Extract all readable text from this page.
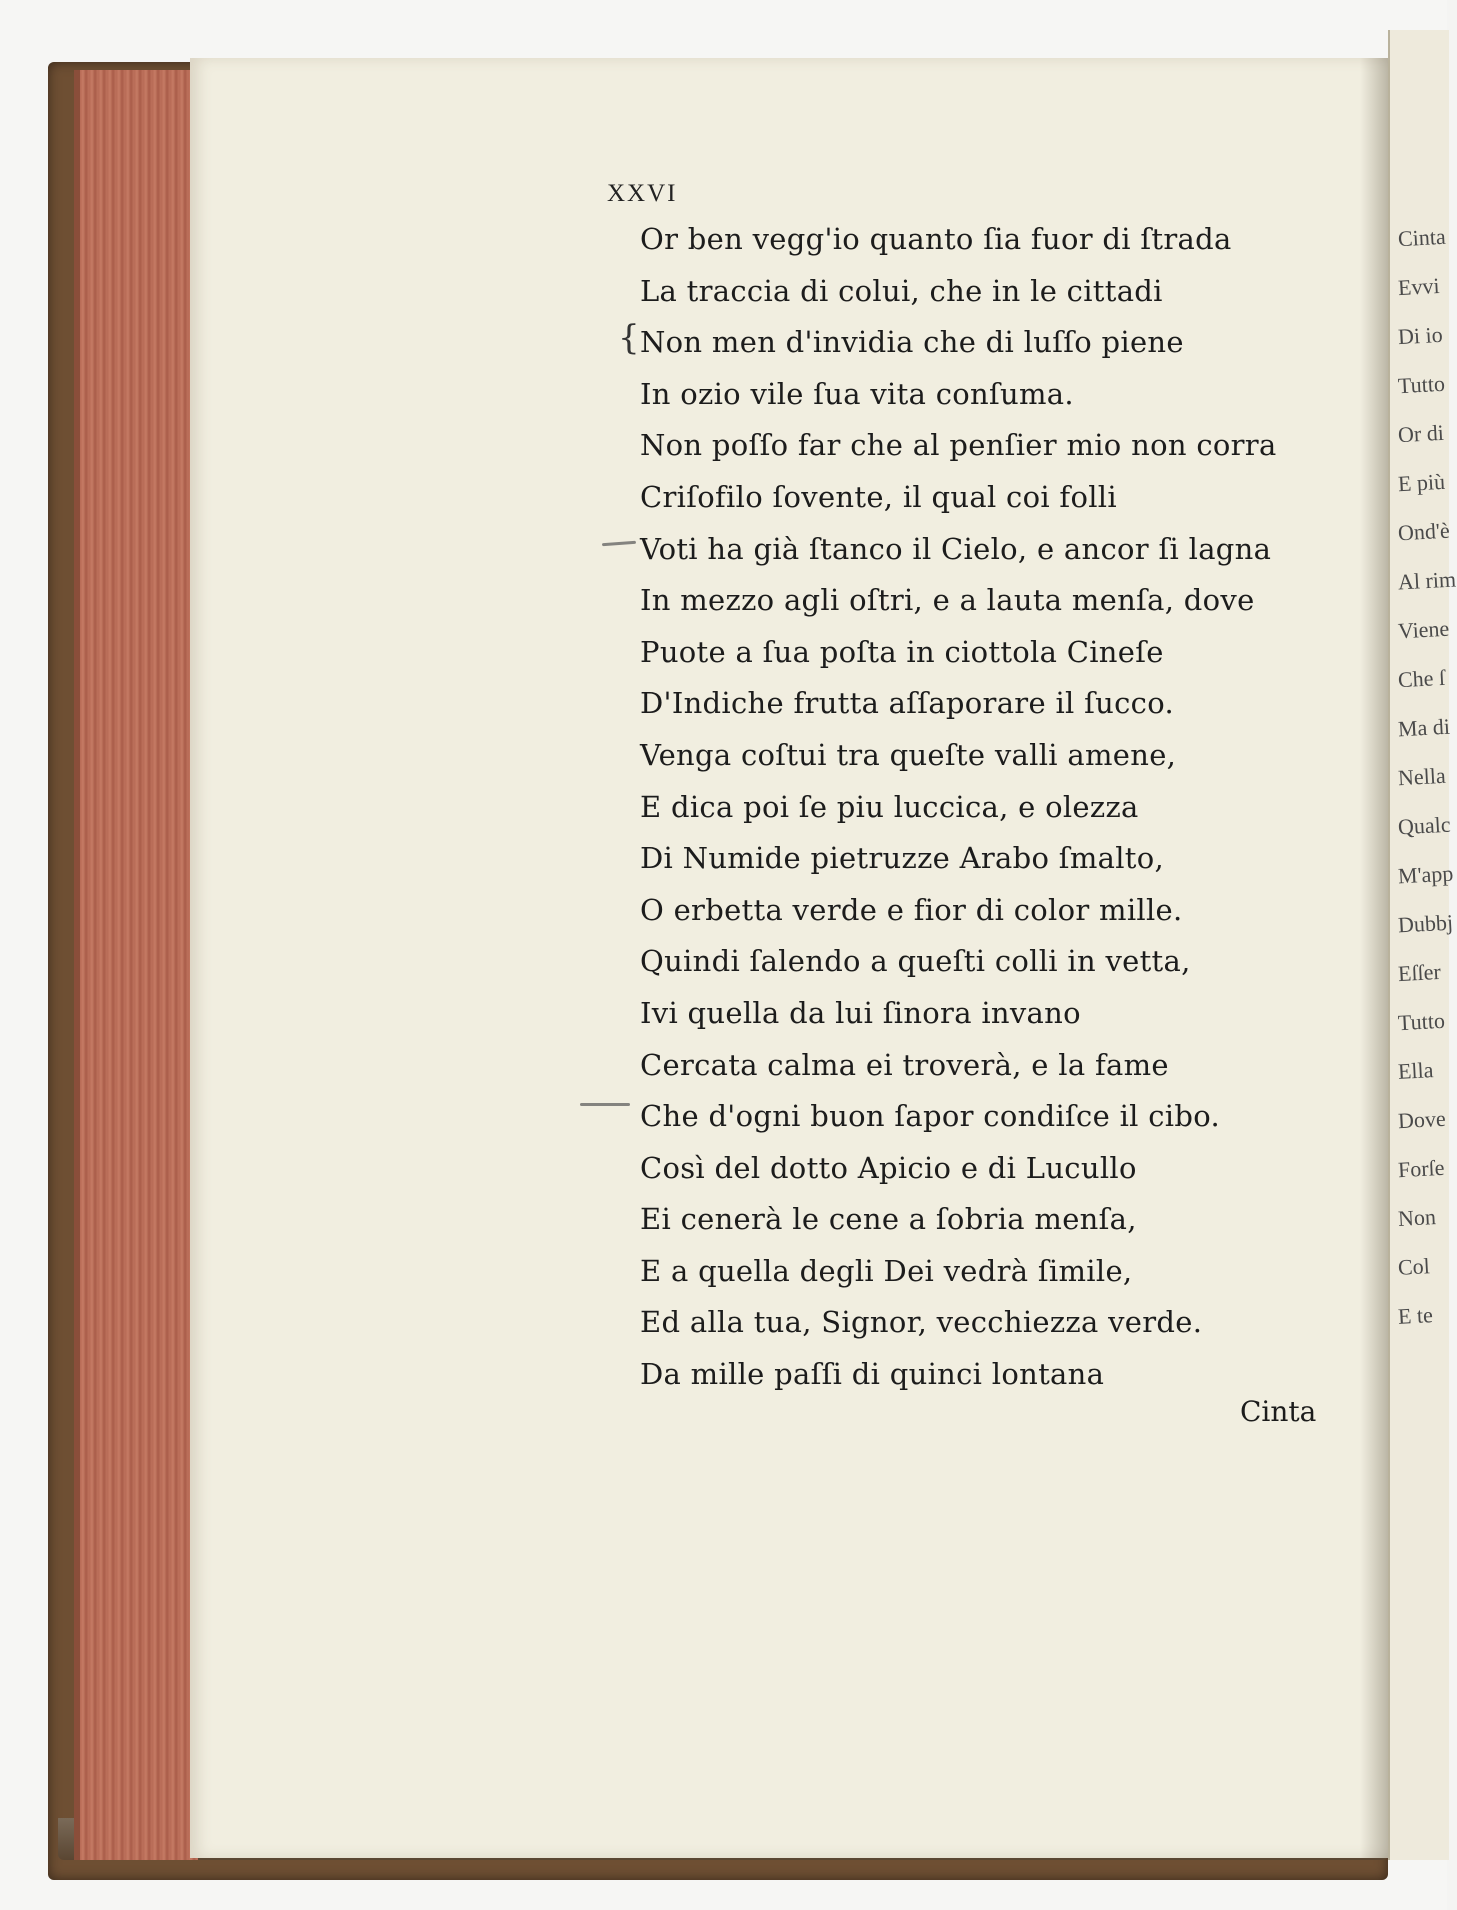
Cinta
Evvi
Di io
Tutto
Or di
E più
Ond'è
Al rim
Viene
Che ſ
Ma di
Nella
Qualc
M'app
Dubbj
Eſſer
Tutto
Ella
Dove
Forſe
Non
Col
E te
XXVI
{
Or ben vegg'io quanto ſia fuor di ſtrada
La traccia di colui, che in le cittadi
Non men d'invidia che di luſſo piene
In ozio vile ſua vita conſuma.
Non poſſo far che al penſier mio non corra
Criſofilo ſovente, il qual coi folli
Voti ha già ſtanco il Cielo, e ancor ſi lagna
In mezzo agli oſtri, e a lauta menſa, dove
Puote a ſua poſta in ciottola Cineſe
D'Indiche frutta aſſaporare il ſucco.
Venga coſtui tra queſte valli amene,
E dica poi ſe piu luccica, e olezza
Di Numide pietruzze Arabo ſmalto,
O erbetta verde e fior di color mille.
Quindi ſalendo a queſti colli in vetta,
Ivi quella da lui ſinora invano
Cercata calma ei troverà, e la fame
Che d'ogni buon ſapor condiſce il cibo.
Così del dotto Apicio e di Lucullo
Ei cenerà le cene a ſobria menſa,
E a quella degli Dei vedrà ſimile,
Ed alla tua, Signor, vecchiezza verde.
Da mille paſſi di quinci lontana
Cinta
